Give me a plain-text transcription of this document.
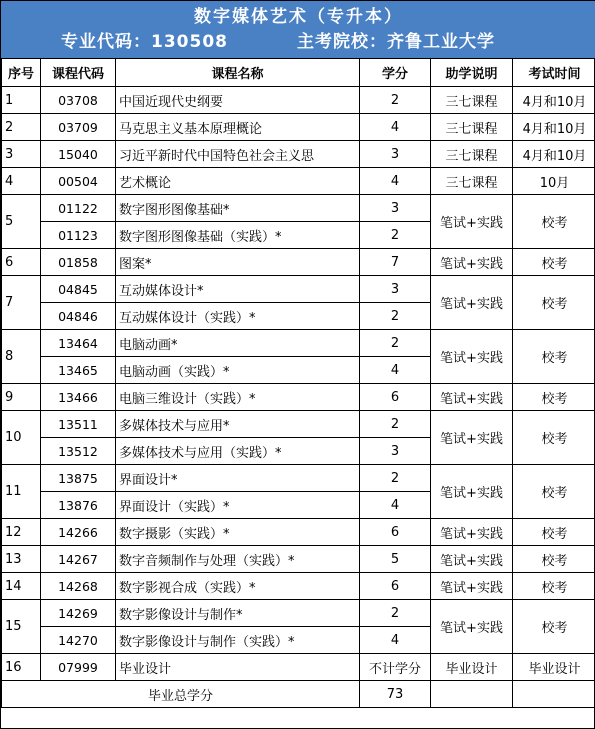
数字媒体艺术（专升本）
专业代码：130508	主考院校：齐鲁工业大学
序号	课程代码	课程名称	学分	助学说明	考试时间
1	03708	中国近现代史纲要	2	三七课程	4月和10月
2	03709	马克思主义基本原理概论	4	三七课程	4月和10月
3	15040	习近平新时代中国特色社会主义思	3	三七课程	4月和10月
4	00504	艺术概论	4	三七课程	10月
5	01122	数字图形图像基础*	3	笔试+实践	校考
	01123	数字图形图像基础（实践）*	2		
6	01858	图案*	7	笔试+实践	校考
7	04845	互动媒体设计*	3	笔试+实践	校考
	04846	互动媒体设计（实践）*	2		
8	13464	电脑动画*	2	笔试+实践	校考
	13465	电脑动画（实践）*	4		
9	13466	电脑三维设计（实践）*	6	笔试+实践	校考
10	13511	多媒体技术与应用*	2	笔试+实践	校考
	13512	多媒体技术与应用（实践）*	3		
11	13875	界面设计*	2	笔试+实践	校考
	13876	界面设计（实践）*	4		
12	14266	数字摄影（实践）*	6	笔试+实践	校考
13	14267	数字音频制作与处理（实践）*	5	笔试+实践	校考
14	14268	数字影视合成（实践）*	6	笔试+实践	校考
15	14269	数字影像设计与制作*	2	笔试+实践	校考
	14270	数字影像设计与制作（实践）*	4		
16	07999	毕业设计	不计学分	毕业设计	毕业设计
毕业总学分			73		
